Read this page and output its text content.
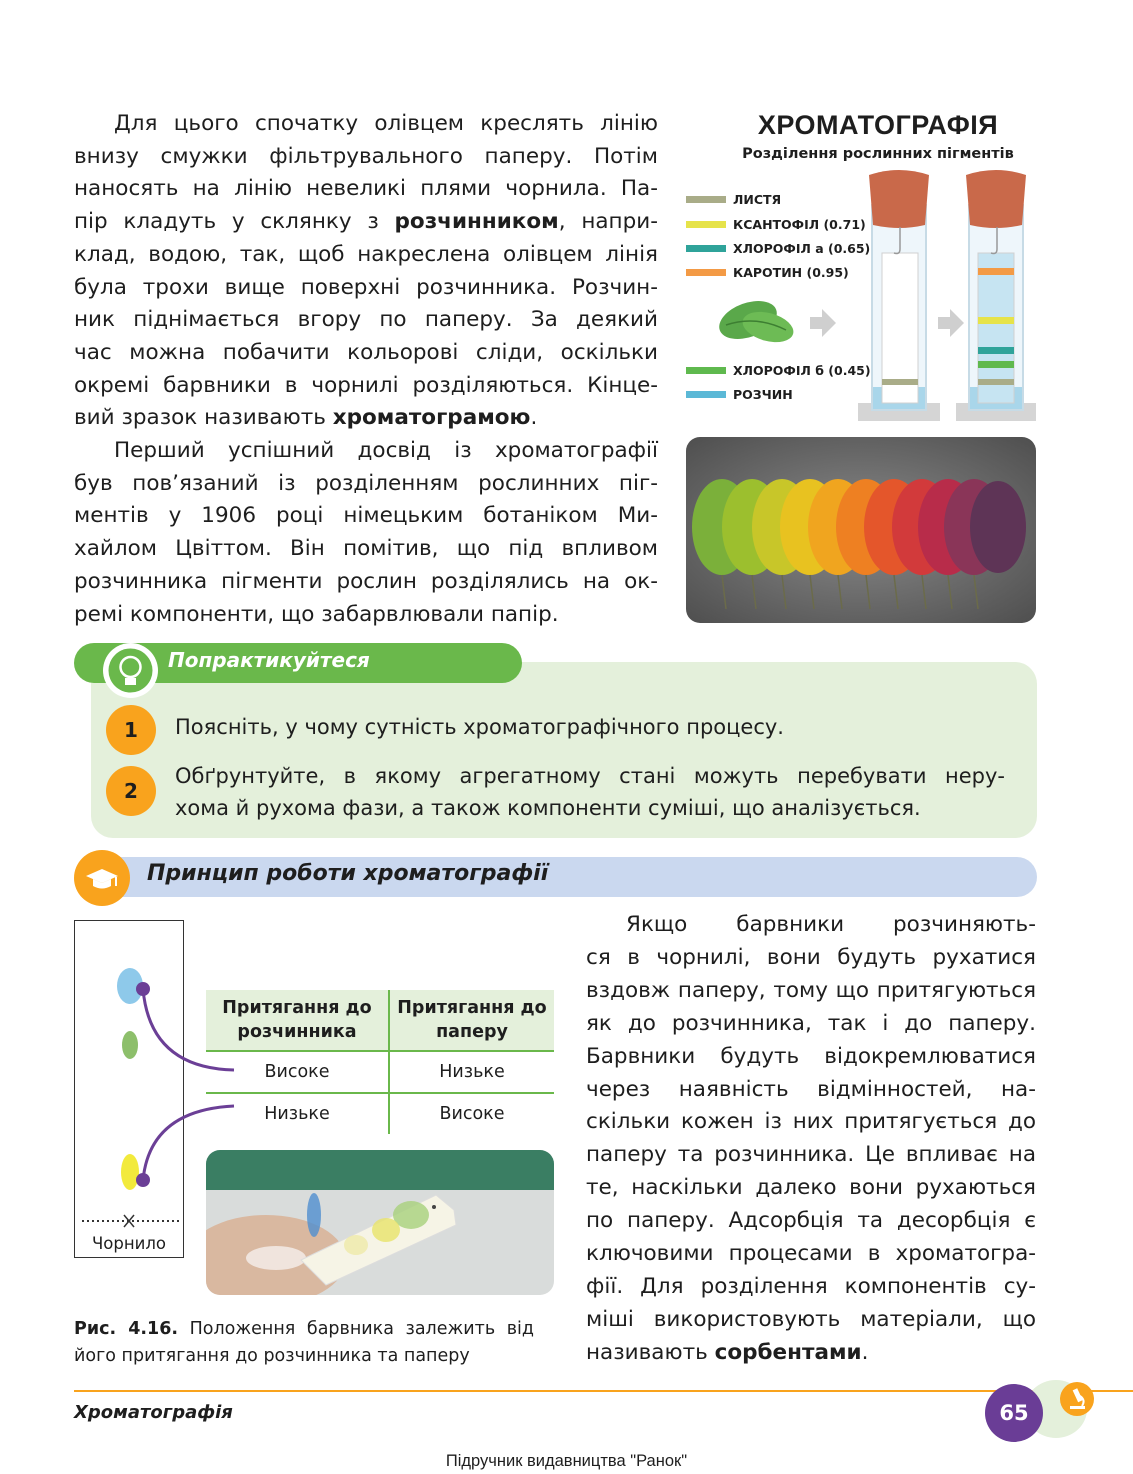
Для цього спочатку олівцем креслять лінію
внизу смужки фільтрувального паперу. Потім
наносять на лінію невеликі плями чорнила. Па-
пір кладуть у склянку з розчинником, напри-
клад, водою, так, щоб накреслена олівцем лінія
була трохи вище поверхні розчинника. Розчин-
ник піднімається вгору по паперу. За деякий
час можна побачити кольорові сліди, оскільки
окремі барвники в чорнилі розділяються. Кінце-
вий зразок називають хроматограмою.
Перший успішний досвід із хроматографії
був пов’язаний із розділенням рослинних піг-
ментів у 1906 році німецьким ботаніком Ми-
хайлом Цвіттом. Він помітив, що під впливом
розчинника пігменти рослин розділялись на ок-
ремі компоненти, що забарвлювали папір.
ХРОМАТОГРАФІЯ
Розділення рослинних пігментів
ЛИСТЯ
КСАНТОФІЛ (0.71)
ХЛОРОФІЛ а (0.65)
КАРОТИН (0.95)
ХЛОРОФІЛ б (0.45)
РОЗЧИН
Попрактикуйтеся
1	Поясніть, у чому сутність хроматографічного процесу.
2
Обґрунтуйте, в якому агрегатному стані можуть перебувати неру-
хома й рухома фази, а також компоненти суміші, що аналізується.
Принцип роботи хроматографії
Чорнило
Притягання до розчинника	Притягання до паперу
Високе	Низьке
Низьке	Високе
Рис. 4.16. Положення барвника залежить від
його притягання до розчинника та паперу
Якщо барвники розчиняють-
ся в чорнилі, вони будуть рухатися
вздовж паперу, тому що притягуються
як до розчинника, так і до паперу.
Барвники будуть відокремлюватися
через наявність відмінностей, на-
скільки кожен із них притягується до
паперу та розчинника. Це впливає на
те, наскільки далеко вони рухаються
по паперу. Адсорбція та десорбція є
ключовими процесами в хроматогра-
фії. Для розділення компонентів су-
міші використовують матеріали, що
називають сорбентами.
Хроматографія	65
Підручник видавництва "Ранок"
